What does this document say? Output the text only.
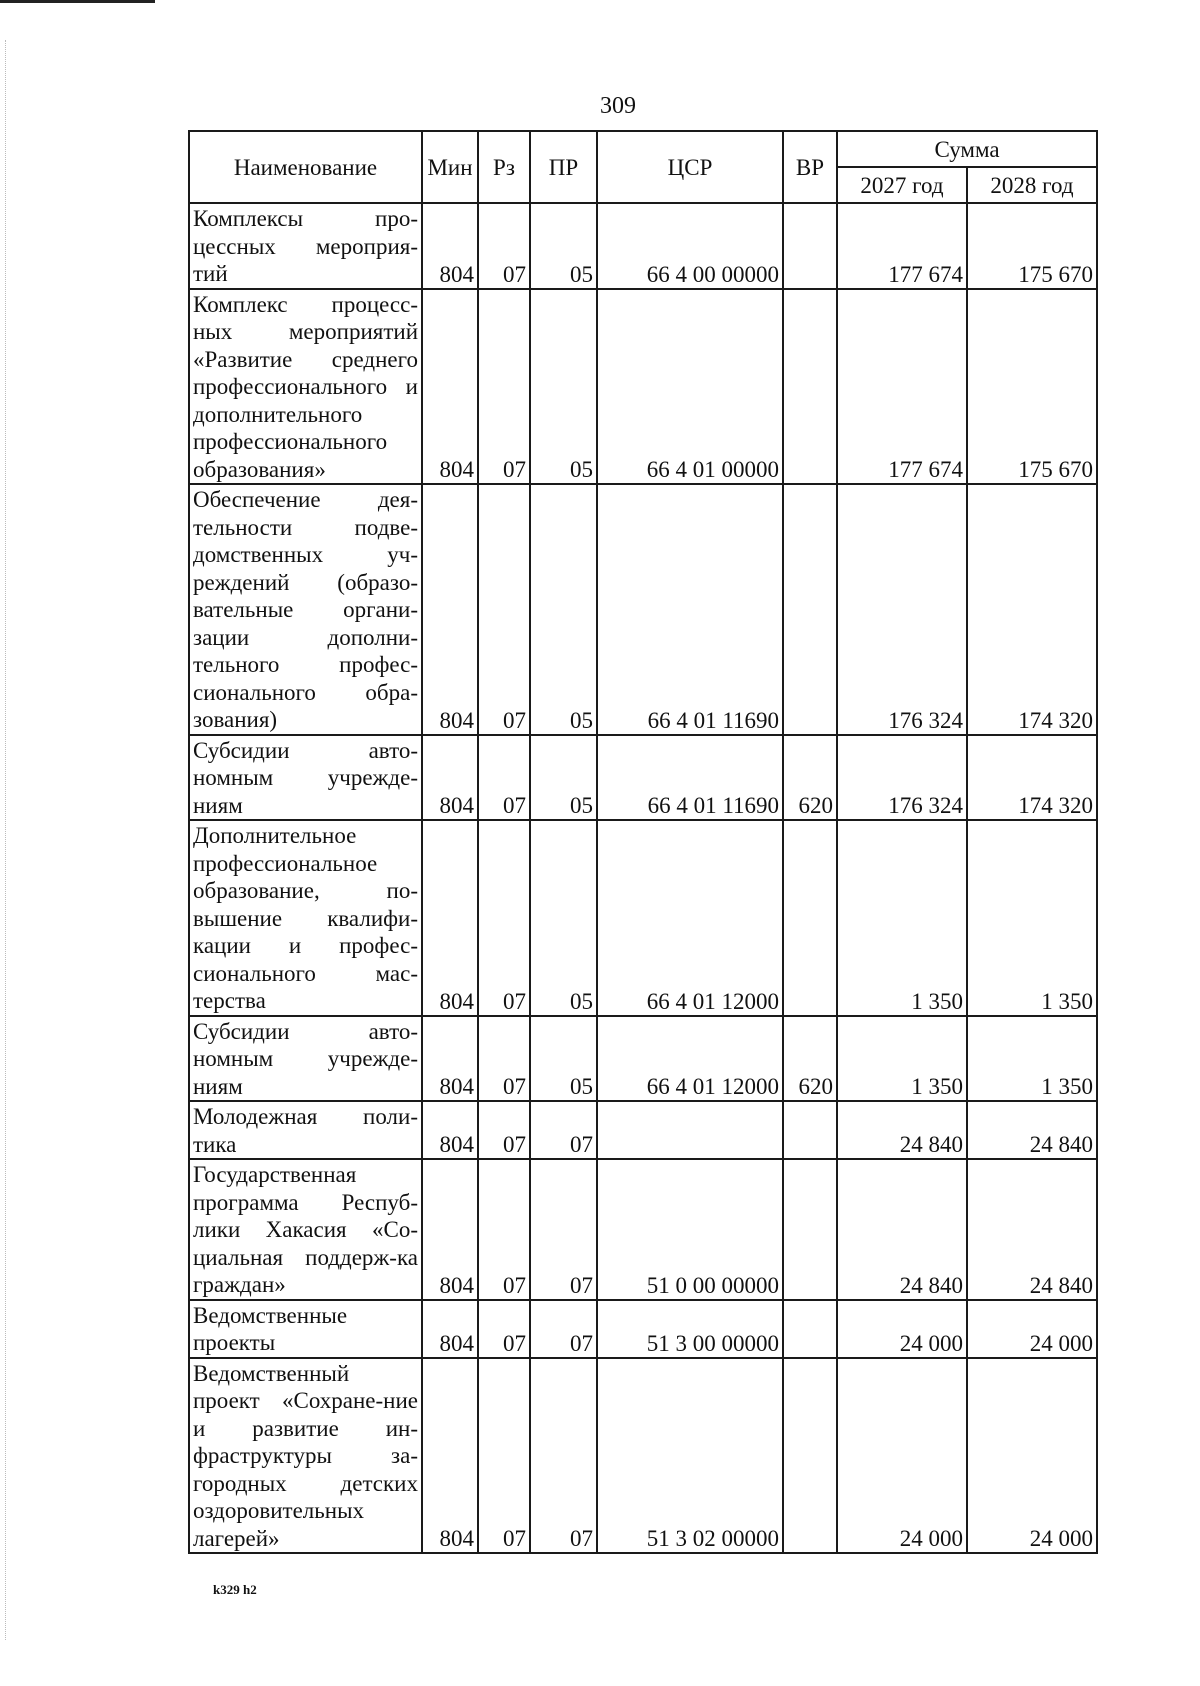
309
Наименование	Мин	Рз	ПР	ЦСР	ВР	Сумма	
						2027 год	2028 год
Комплексы про-цессных мероприя-тий	804	07	05	66 4 00 00000		177 674	175 670
Комплекс процесс-ных мероприятий «Развитие среднего профессионального и дополнительного профессионального образования»	804	07	05	66 4 01 00000		177 674	175 670
Обеспечение дея-тельности подве-домственных уч-реждений (образо-вательные органи-зации дополни-тельного профес-сионального обра-зования)	804	07	05	66 4 01 11690		176 324	174 320
Субсидии авто-номным учрежде-ниям	804	07	05	66 4 01 11690	620	176 324	174 320
Дополнительное профессиональное образование, по-вышение квалифи-кации и профес-сионального мас-терства	804	07	05	66 4 01 12000		1 350	1 350
Субсидии авто-номным учрежде-ниям	804	07	05	66 4 01 12000	620	1 350	1 350
Молодежная поли-тика	804	07	07			24 840	24 840
Государственная программа Респуб-лики Хакасия «Со-циальная поддерж-ка граждан»	804	07	07	51 0 00 00000		24 840	24 840
Ведомственные проекты	804	07	07	51 3 00 00000		24 000	24 000
Ведомственный проект «Сохране-ние и развитие ин-фраструктуры за-городных детских оздоровительных лагерей»	804	07	07	51 3 02 00000		24 000	24 000
k329 h2
